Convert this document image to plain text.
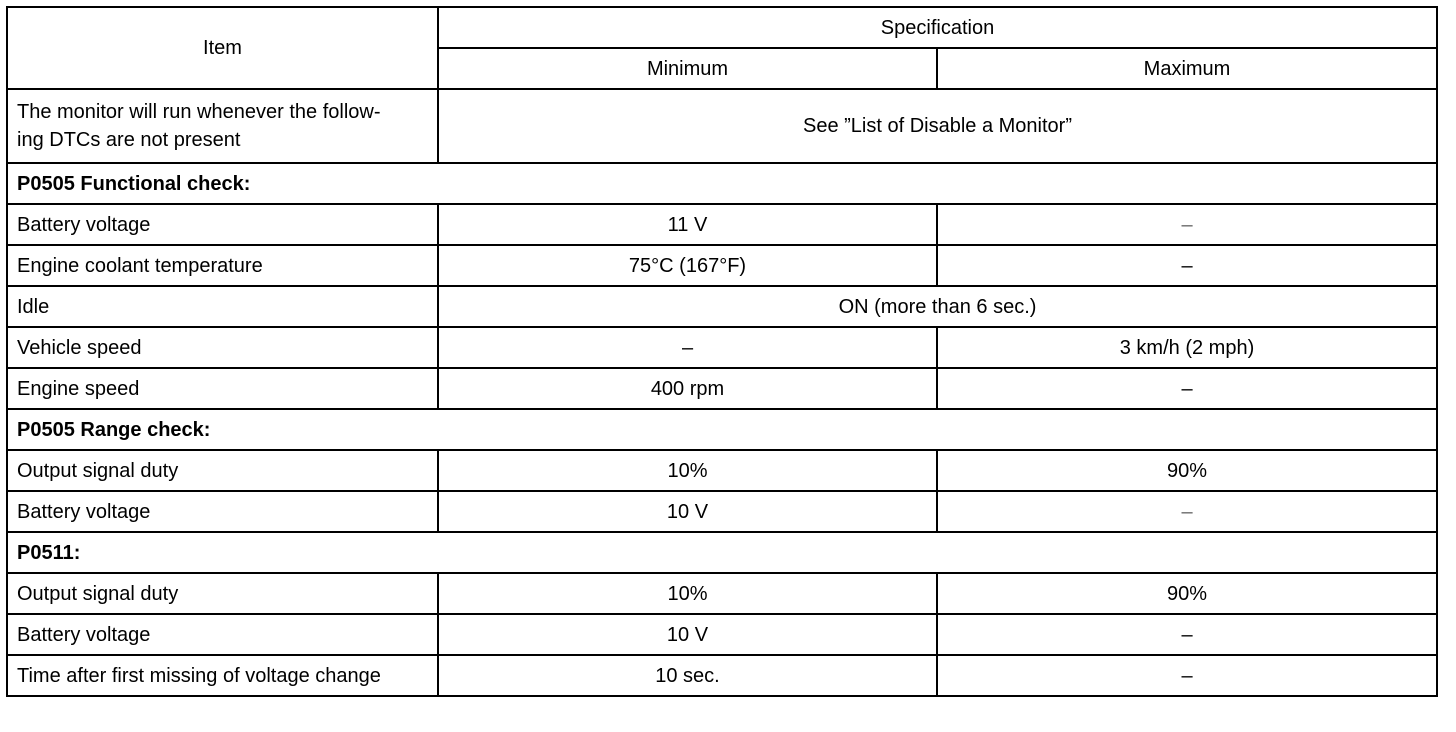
Item	Specification	
	Minimum	Maximum
The monitor will run whenever the follow-
ing DTCs are not present	See ”List of Disable a Monitor”	
P0505 Functional check:		
Battery voltage	11 V	–
Engine coolant temperature	75°C (167°F)	–
Idle	ON (more than 6 sec.)	
Vehicle speed	–	3 km/h (2 mph)
Engine speed	400 rpm	–
P0505 Range check:		
Output signal duty	10%	90%
Battery voltage	10 V	–
P0511:		
Output signal duty	10%	90%
Battery voltage	10 V	–
Time after first missing of voltage change	10 sec.	–
